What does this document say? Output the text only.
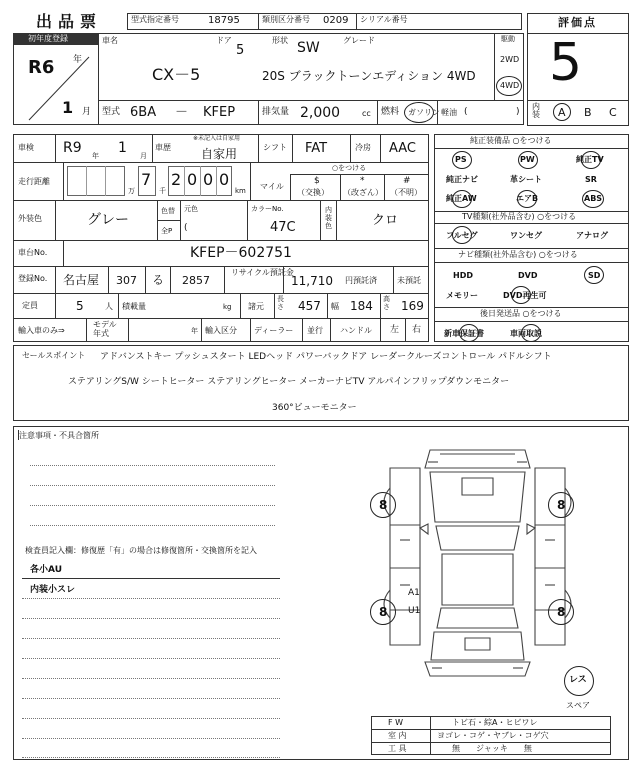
出品票	型式指定番号	18795	類別区分番号 0209 シリアル番号	評価点
5
内装 A B C
初年度登録
R6 年
1 月
車名
CX－5
ドア
5
形状 SW	グレード
20S ブラックトーンエディション 4WD
駆動
2WD
4WD
型式 6BA － KFEP	排気量 2,000	cc 燃料 ガソリン 軽油 (	)
車検 R9 年 1 月
車歴
※未記入は自家用
自家用	シフト FAT	冷房 AAC
走行距離
万
7
千
2 0 0 0
km
○をつける
マイル
$
（交換）
*
（改ざん）
#
（不明）
外装色	グレー
色替 元色
全P (
カラーNo.
47C
内装色	クロ
車台No.	KFEP－602751
登録No. 名古屋 307 る 2857
リサイクル預託金
11,710 円預託済	未預託
定員	5	人 積載量	kg 諸元
長さ 457 幅 184 高さ 169
輸入車のみ⇒
モデル年式	年 輸入区分 ディーラー 並行 ハンドル 左 右
純正装備品 ○をつける
PS	PW	純正TV
純正ナビ	革シート	SR
純正AW	エアB	ABS
TV種類(社外品含む) ○をつける
フルセグ	ワンセグ	アナログ
ナビ種類(社外品含む) ○をつける
HDD	DVD	SD
メモリー	DVD再生可
後日発送品 ○をつける
新車保証書	車両取説
セールスポイント アドバンストキー プッシュスタート LEDヘッド パワーバックドア レーダークルーズコントロール パドルシフト
ステアリングS/W シートヒーター ステアリングヒーター メーカーナビTV アルパインフリップダウンモニター
360°ビューモニター
注意事項・不具合箇所
検査員記入欄：修復歴「有」の場合は修復箇所・交換箇所を記入
各小AU
内装小スレ
8	8
8	8
A1
U1
レス
スペア
F W	トビ石・綜A・ヒビワレ
室 内	ヨゴレ・コゲ・ヤブレ・コゲ穴
工 具	無　　ジャッキ　　無
